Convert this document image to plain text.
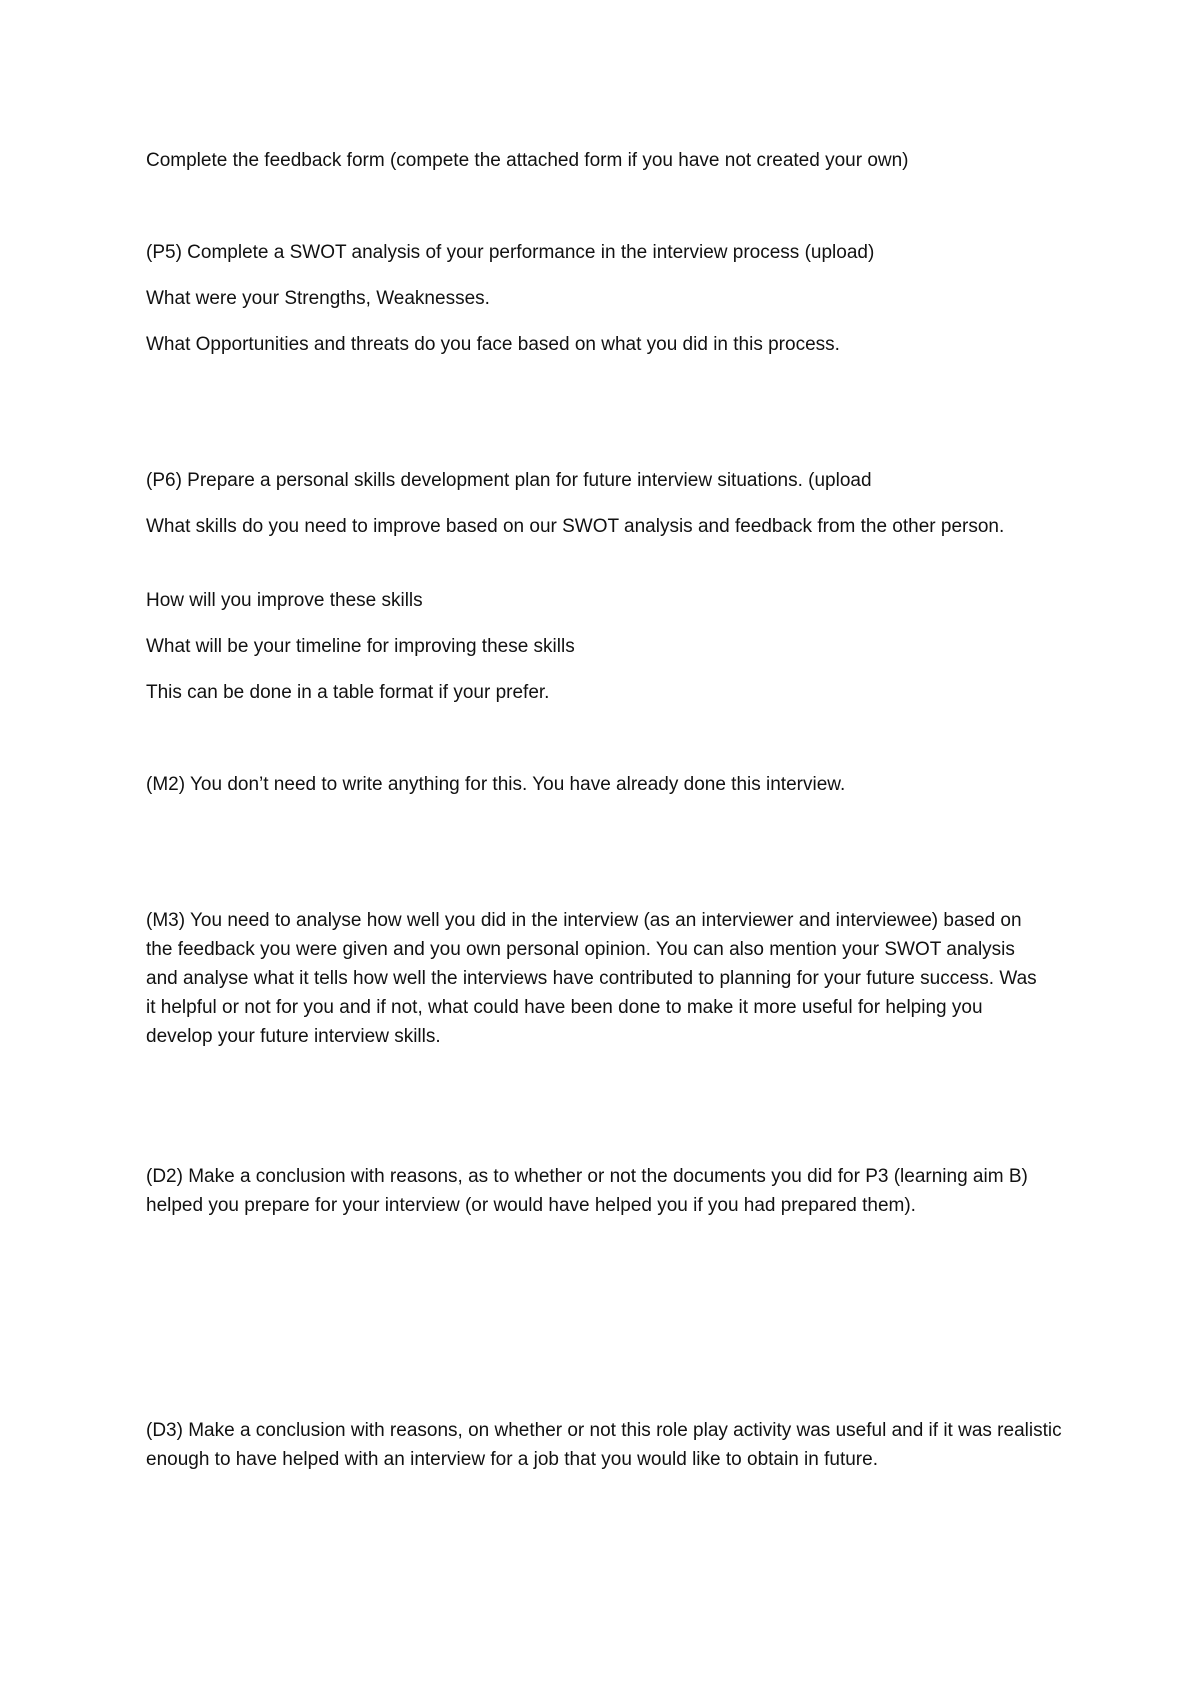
Complete the feedback form (compete the attached form if you have not created your own)

(P5) Complete a SWOT analysis of your performance in the interview process (upload)

What were your Strengths, Weaknesses.

What Opportunities and threats do you face based on what you did in this process.

(P6) Prepare a personal skills development plan for future interview situations. (upload

What skills do you need to improve based on our SWOT analysis and feedback from the other person.

How will you improve these skills

What will be your timeline for improving these skills

This can be done in a table format if your prefer.

(M2) You don’t need to write anything for this. You have already done this interview.

(M3) You need to analyse how well you did in the interview (as an interviewer and interviewee) based on the feedback you were given and you own personal opinion. You can also mention your SWOT analysis and analyse what it tells how well the interviews have contributed to planning for your future success. Was it helpful or not for you and if not, what could have been done to make it more useful for helping you develop your future interview skills.

(D2) Make a conclusion with reasons, as to whether or not the documents you did for P3 (learning aim B) helped you prepare for your interview (or would have helped you if you had prepared them).

(D3) Make a conclusion with reasons, on whether or not this role play activity was useful and if it was realistic enough to have helped with an interview for a job that you would like to obtain in future.
